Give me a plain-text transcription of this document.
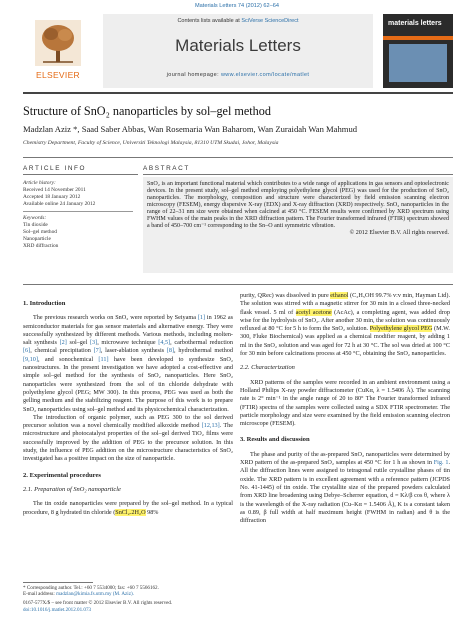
Materials Letters 74 (2012) 62–64
ELSEVIER
Contents lists available at SciVerse ScienceDirect
Materials Letters
journal homepage: www.elsevier.com/locate/matlet
materials letters
Structure of SnO₂ nanoparticles by sol–gel method
Madzlan Aziz *, Saad Saber Abbas, Wan Rosemaria Wan Baharom, Wan Zuraidah Wan Mahmud
Chemistry Department, Faculty of Science, Universiti Teknologi Malaysia, 81310 UTM Skudai, Johor, Malaysia
ARTICLE INFO	ABSTRACT
Article history:
Received 14 November 2011
Accepted 18 January 2012
Available online 24 January 2012
Keywords:
Tin dioxide
Sol–gel method
Nanoparticle
XRD diffraction
SnO₂ is an important functional material which contributes to a wide range of applications in gas sensors and optoelectronic devices. In the present study, sol–gel method employing polyethylene glycol (PEG) was used for the production of SnO₂ nanoparticles. The morphology, composition and structure were characterized by field emission scanning electron microscopy (FESEM), energy dispersive X-ray (EDX) and X-ray diffraction (XRD) respectively. SnO₂ nanoparticles in the range of 22–31 nm size were obtained when calcined at 450 °C. FESEM results were confirmed by XRD spectrum using FWHM values of the main peaks in the XRD diffraction pattern. The Fourier transformed infrared (FTIR) spectrum showed a band of 450–700 cm⁻¹ corresponding to the Sn–O anti symmetric vibration.
© 2012 Elsevier B.V. All rights reserved.
1. Introduction

The previous research works on SnO₂ were reported by Seiyama [1] in 1962 as semiconductor materials for gas sensor materials and alternative energy. They were successfully synthesized by different methods. Various methods, including molten-salt synthesis [2] sol–gel [3], microwave technique [4,5], carbothermal reduction [6], chemical precipitation [7], laser-ablation synthesis [8], hydrothermal method [9,10], and sonochemical [11] have been developed to synthesize SnO₂ nanostructures. In the present investigation we have adopted a cost-effective and simple sol–gel method for the synthesis of SnO₂ nanoparticles. Here SnO₂ nanoparticles were synthesized from the sol of tin chloride dehydrate with polyethylene glycol (PEG; MW 300). In this process, PEG was used as both the gelling medium and the stabilizing reagent. The purpose of this work is to prepare SnO₂ nanoparticles using sol–gel method and its physicochemical characterization.

The introduction of organic polymer, such as PEG 300 to the sol derived precursor solution was a novel chemically modified alkoxide method [12,13]. The microstructure and photocatalyst properties of the sol–gel derived TiO₂ films were successfully improved by the addition of PEG to the precursor solution. In this study, the influence of PEG addition on the microstructure characteristics of SnO₂ investigated has a positive impact on the size of nanoparticle.

2. Experimental procedures
2.1. Preparation of SnO₂ nanoparticle

The tin oxide nanoparticles were prepared by the sol–gel method. In a typical procedure, 8 g hydrated tin chloride (SnCl₂.2H₂O 98%

purity, QRec) was dissolved in pure ethanol (C₂H₅OH 99.7% v:v min, Hayman Ltd). The solution was stirred with a magnetic stirrer for 30 min in a closed three-necked flask vessel. 5 ml of acetyl acetone (AcAc), a completing agent, was added drop wise for the hydrolysis of SnO₂. After another 30 min, the solution was continuously refluxed at 80 °C for 5 h to form the SnO₂ solution. Polyethylene glycol PEG (M.W. 300, Fluke Biochemical) was applied as a chemical modifier reagent, by adding 1 ml in the SnO₂ solution and was aged for 72 h at 30 °C. The sol was dried at 100 °C for 30 min before calcinations process at 450 °C, obtaining the SnO₂ nanoparticles.

2.2. Characterization

XRD patterns of the samples were recorded in an ambient environment using a Holland Philips X-ray powder diffractometer (CuKα, λ = 1.5406 Å). The scanning rate is 2° min⁻¹ in the angle range of 20 to 80° The Fourier transformed infrared (FTIR) spectra of the samples were collected using a SDX FTIR spectrometer. The particle morphology and size were examined by the field emission scanning electron microscope (FESEM).

3. Results and discussion

The phase and purity of the as-prepared SnO₂ nanoparticles were determined by XRD pattern of the as-prepared SnO₂ samples at 450 °C for 1 h as shown in Fig. 1. All the diffraction lines were assigned to tetragonal rutile crystalline phases of tin oxide. The XRD pattern is in excellent agreement with a reference pattern (JCPDS No. 41-1445) of tin oxide. The crystallite size of the prepared powders calculated from XRD line broadening using Debye–Scherrer equation, d = Kλ/β cos θ, where λ is the wavelength of the X-ray radiation (Cu–Kα = 1.5406 Å), K is a constant taken as 0.89, β full width at half maximum height (FWHM in radian) and θ is the diffraction

* Corresponding author. Tel.: +60 7 5534000; fax: +60 7 5566162.
E-mail address: madzlan@kimia.fs.utm.my (M. Aziz).
0167-577X/$ – see front matter © 2012 Elsevier B.V. All rights reserved.
doi:10.1016/j.matlet.2012.01.073
